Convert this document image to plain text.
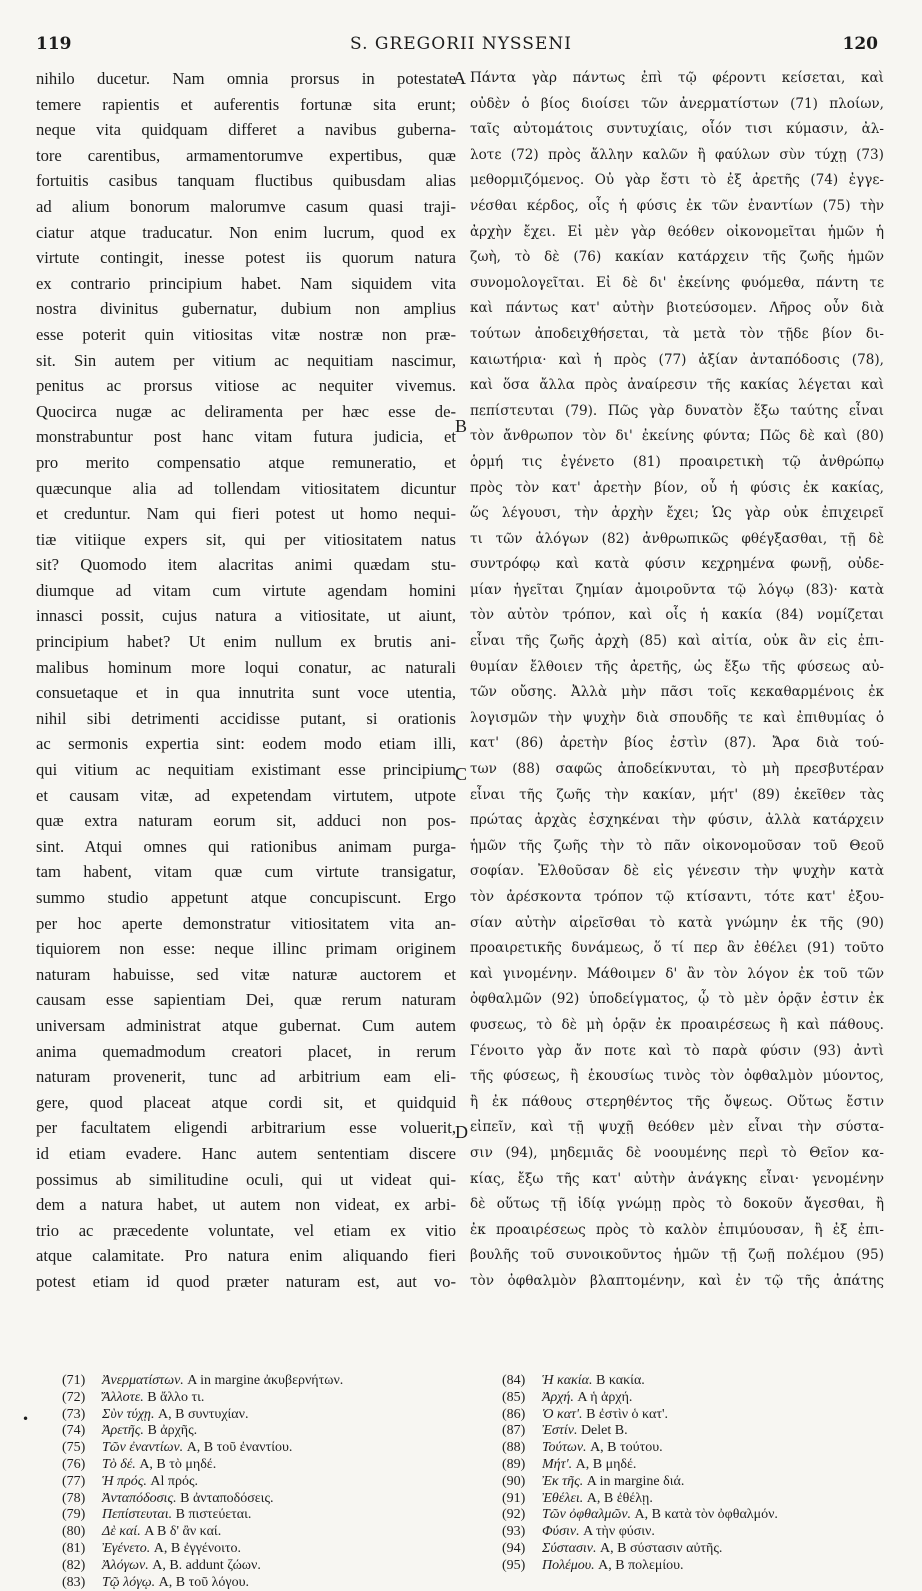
119	S. GREGORII NYSSENI	120
nihilo ducetur. Nam omnia prorsus in potestate
temere rapientis et auferentis fortunæ sita erunt;
neque vita quidquam differet a navibus guberna-
tore carentibus, armamentorumve expertibus, quæ
fortuitis casibus tanquam fluctibus quibusdam alias
ad alium bonorum malorumve casum quasi traji-
ciatur atque traducatur. Non enim lucrum, quod ex
virtute contingit, inesse potest iis quorum natura
ex contrario principium habet. Nam siquidem vita
nostra divinitus gubernatur, dubium non amplius
esse poterit quin vitiositas vitæ nostræ non præ-
sit. Sin autem per vitium ac nequitiam nascimur,
penitus ac prorsus vitiose ac nequiter vivemus.
Quocirca nugæ ac deliramenta per hæc esse de-
monstrabuntur post hanc vitam futura judicia, et
pro merito compensatio atque remuneratio, et
quæcunque alia ad tollendam vitiositatem dicuntur
et creduntur. Nam qui fieri potest ut homo nequi-
tiæ vitiique expers sit, qui per vitiositatem natus
sit? Quomodo item alacritas animi quædam stu-
diumque ad vitam cum virtute agendam homini
innasci possit, cujus natura a vitiositate, ut aiunt,
principium habet? Ut enim nullum ex brutis ani-
malibus hominum more loqui conatur, ac naturali
consuetaque et in qua innutrita sunt voce utentia,
nihil sibi detrimenti accidisse putant, si orationis
ac sermonis expertia sint: eodem modo etiam illi,
qui vitium ac nequitiam existimant esse principium
et causam vitæ, ad expetendam virtutem, utpote
quæ extra naturam eorum sit, adduci non pos-
sint. Atqui omnes qui rationibus animam purga-
tam habent, vitam quæ cum virtute transigatur,
summo studio appetunt atque concupiscunt. Ergo
per hoc aperte demonstratur vitiositatem vita an-
tiquiorem non esse: neque illinc primam originem
naturam habuisse, sed vitæ naturæ auctorem et
causam esse sapientiam Dei, quæ rerum naturam
universam administrat atque gubernat. Cum autem
anima quemadmodum creatori placet, in rerum
naturam provenerit, tunc ad arbitrium eam eli-
gere, quod placeat atque cordi sit, et quidquid
per facultatem eligendi arbitrarium esse voluerit,
id etiam evadere. Hanc autem sententiam discere
possimus ab similitudine oculi, qui ut videat qui-
dem a natura habet, ut autem non videat, ex arbi-
trio ac præcedente voluntate, vel etiam ex vitio
atque calamitate. Pro natura enim aliquando fieri
potest etiam id quod præter naturam est, aut vo-
Πάντα γὰρ πάντως ἐπὶ τῷ φέροντι κείσεται, καὶ
οὐδὲν ὁ βίος διοίσει τῶν ἀνερματίστων (71) πλοίων,
ταῖς αὐτομάτοις συντυχίαις, οἷόν τισι κύμασιν, ἀλ-
λοτε (72) πρὸς ἄλλην καλῶν ἢ φαύλων σὺν τύχῃ (73)
μεθορμιζόμενος. Οὐ γὰρ ἔστι τὸ ἐξ ἀρετῆς (74) ἐγγε-
νέσθαι κέρδος, οἷς ἡ φύσις ἐκ τῶν ἐναντίων (75) τὴν
ἀρχὴν ἔχει. Εἰ μὲν γὰρ θεόθεν οἰκονομεῖται ἡμῶν ἡ
ζωὴ, τὸ δὲ (76) κακίαν κατάρχειν τῆς ζωῆς ἡμῶν
συνομολογεῖται. Εἰ δὲ δι' ἐκείνης φυόμεθα, πάντη τε
καὶ πάντως κατ' αὐτὴν βιοτεύσομεν. Λῆρος οὖν διὰ
τούτων ἀποδειχθήσεται, τὰ μετὰ τὸν τῇδε βίον δι-
καιωτήρια· καὶ ἡ πρὸς (77) ἀξίαν ἀνταπόδοσις (78),
καὶ ὅσα ἄλλα πρὸς ἀναίρεσιν τῆς κακίας λέγεται καὶ
πεπίστευται (79). Πῶς γὰρ δυνατὸν ἔξω ταύτης εἶναι
τὸν ἄνθρωπον τὸν δι' ἐκείνης φύντα; Πῶς δὲ καὶ (80)
ὁρμή τις ἐγένετο (81) προαιρετικὴ τῷ ἀνθρώπῳ
πρὸς τὸν κατ' ἀρετὴν βίον, οὗ ἡ φύσις ἐκ κακίας,
ὥς λέγουσι, τὴν ἀρχὴν ἔχει; Ὡς γὰρ οὐκ ἐπιχειρεῖ
τι τῶν ἀλόγων (82) ἀνθρωπικῶς φθέγξασθαι, τῇ δὲ
συντρόφῳ καὶ κατὰ φύσιν κεχρημένα φωνῇ, οὐδε-
μίαν ἡγεῖται ζημίαν ἀμοιροῦντα τῷ λόγῳ (83)· κατὰ
τὸν αὐτὸν τρόπον, καὶ οἷς ἡ κακία (84) νομίζεται
εἶναι τῆς ζωῆς ἀρχὴ (85) καὶ αἰτία, οὐκ ἂν εἰς ἐπι-
θυμίαν ἔλθοιεν τῆς ἀρετῆς, ὡς ἔξω τῆς φύσεως αὐ-
τῶν οὔσης. Ἀλλὰ μὴν πᾶσι τοῖς κεκαθαρμένοις ἐκ
λογισμῶν τὴν ψυχὴν διὰ σπουδῆς τε καὶ ἐπιθυμίας ὁ
κατ' (86) ἀρετὴν βίος ἐστὶν (87). Ἄρα διὰ τού-
των (88) σαφῶς ἀποδείκνυται, τὸ μὴ πρεσβυτέραν
εἶναι τῆς ζωῆς τὴν κακίαν, μήτ' (89) ἐκεῖθεν τὰς
πρώτας ἀρχὰς ἐσχηκέναι τὴν φύσιν, ἀλλὰ κατάρχειν
ἡμῶν τῆς ζωῆς τὴν τὸ πᾶν οἰκονομοῦσαν τοῦ Θεοῦ
σοφίαν. Ἐλθοῦσαν δὲ εἰς γένεσιν τὴν ψυχὴν κατὰ
τὸν ἀρέσκοντα τρόπον τῷ κτίσαντι, τότε κατ' ἐξου-
σίαν αὐτὴν αἱρεῖσθαι τὸ κατὰ γνώμην ἐκ τῆς (90)
προαιρετικῆς δυνάμεως, ὅ τί περ ἂν ἐθέλει (91) τοῦτο
καὶ γινομένην. Μάθοιμεν δ' ἂν τὸν λόγον ἐκ τοῦ τῶν
ὀφθαλμῶν (92) ὑποδείγματος, ᾧ τὸ μὲν ὁρᾷν ἐστιν ἐκ
φυσεως, τὸ δὲ μὴ ὁρᾷν ἐκ προαιρέσεως ἢ καὶ πάθους.
Γένοιτο γὰρ ἄν ποτε καὶ τὸ παρὰ φύσιν (93) ἀντὶ
τῆς φύσεως, ἢ ἑκουσίως τινὸς τὸν ὀφθαλμὸν μύοντος,
ἢ ἐκ πάθους στερηθέντος τῆς ὄψεως. Οὕτως ἔστιν
εἰπεῖν, καὶ τῇ ψυχῇ θεόθεν μὲν εἶναι τὴν σύστα-
σιν (94), μηδεμιᾶς δὲ νοουμένης περὶ τὸ Θεῖον κα-
κίας, ἔξω τῆς κατ' αὐτὴν ἀνάγκης εἶναι· γενομένην
δὲ οὕτως τῇ ἰδίᾳ γνώμῃ πρὸς τὸ δοκοῦν ἄγεσθαι, ἢ
ἐκ προαιρέσεως πρὸς τὸ καλὸν ἐπιμύουσαν, ἢ ἐξ ἐπι-
βουλῆς τοῦ συνοικοῦντος ἡμῶν τῇ ζωῇ πολέμου (95)
τὸν ὀφθαλμὸν βλαπτομένην, καὶ ἐν τῷ τῆς ἀπάτης
A
B
C
D
(71) Ἀνερματίστων. A in margine ἀκυβερνήτων.
(72) Ἄλλοτε. B ἄλλο τι.
(73) Σὺν τύχῃ. A, B συντυχίαν.
(74) Ἀρετῆς. B ἀρχῆς.
(75) Τῶν ἐναντίων. A, B τοῦ ἐναντίου.
(76) Τὸ δέ. A, B τὸ μηδέ.
(77) Ἡ πρός. Al πρός.
(78) Ἀνταπόδοσις. B ἀνταποδόσεις.
(79) Πεπίστευται. B πιστεύεται.
(80) Δὲ καί. A B δ' ἂν καί.
(81) Ἐγένετο. A, B ἐγγένοιτο.
(82) Ἀλόγων. A, B. addunt ζώων.
(83) Τῷ λόγῳ. A, B τοῦ λόγου.
(84) Ἡ κακία. B κακία.
(85) Ἀρχή. A ἡ ἀρχή.
(86) Ὁ κατ'. B ἐστὶν ὁ κατ'.
(87) Ἐστίν. Delet B.
(88) Τούτων. A, B τούτου.
(89) Μήτ'. A, B μηδέ.
(90) Ἐκ τῆς. A in margine διά.
(91) Ἐθέλει. A, B ἐθέλῃ.
(92) Τῶν ὀφθαλμῶν. A, B κατὰ τὸν ὀφθαλμόν.
(93) Φύσιν. A τὴν φύσιν.
(94) Σύστασιν. A, B σύστασιν αὐτῆς.
(95) Πολέμου. A, B πολεμίου.
•
